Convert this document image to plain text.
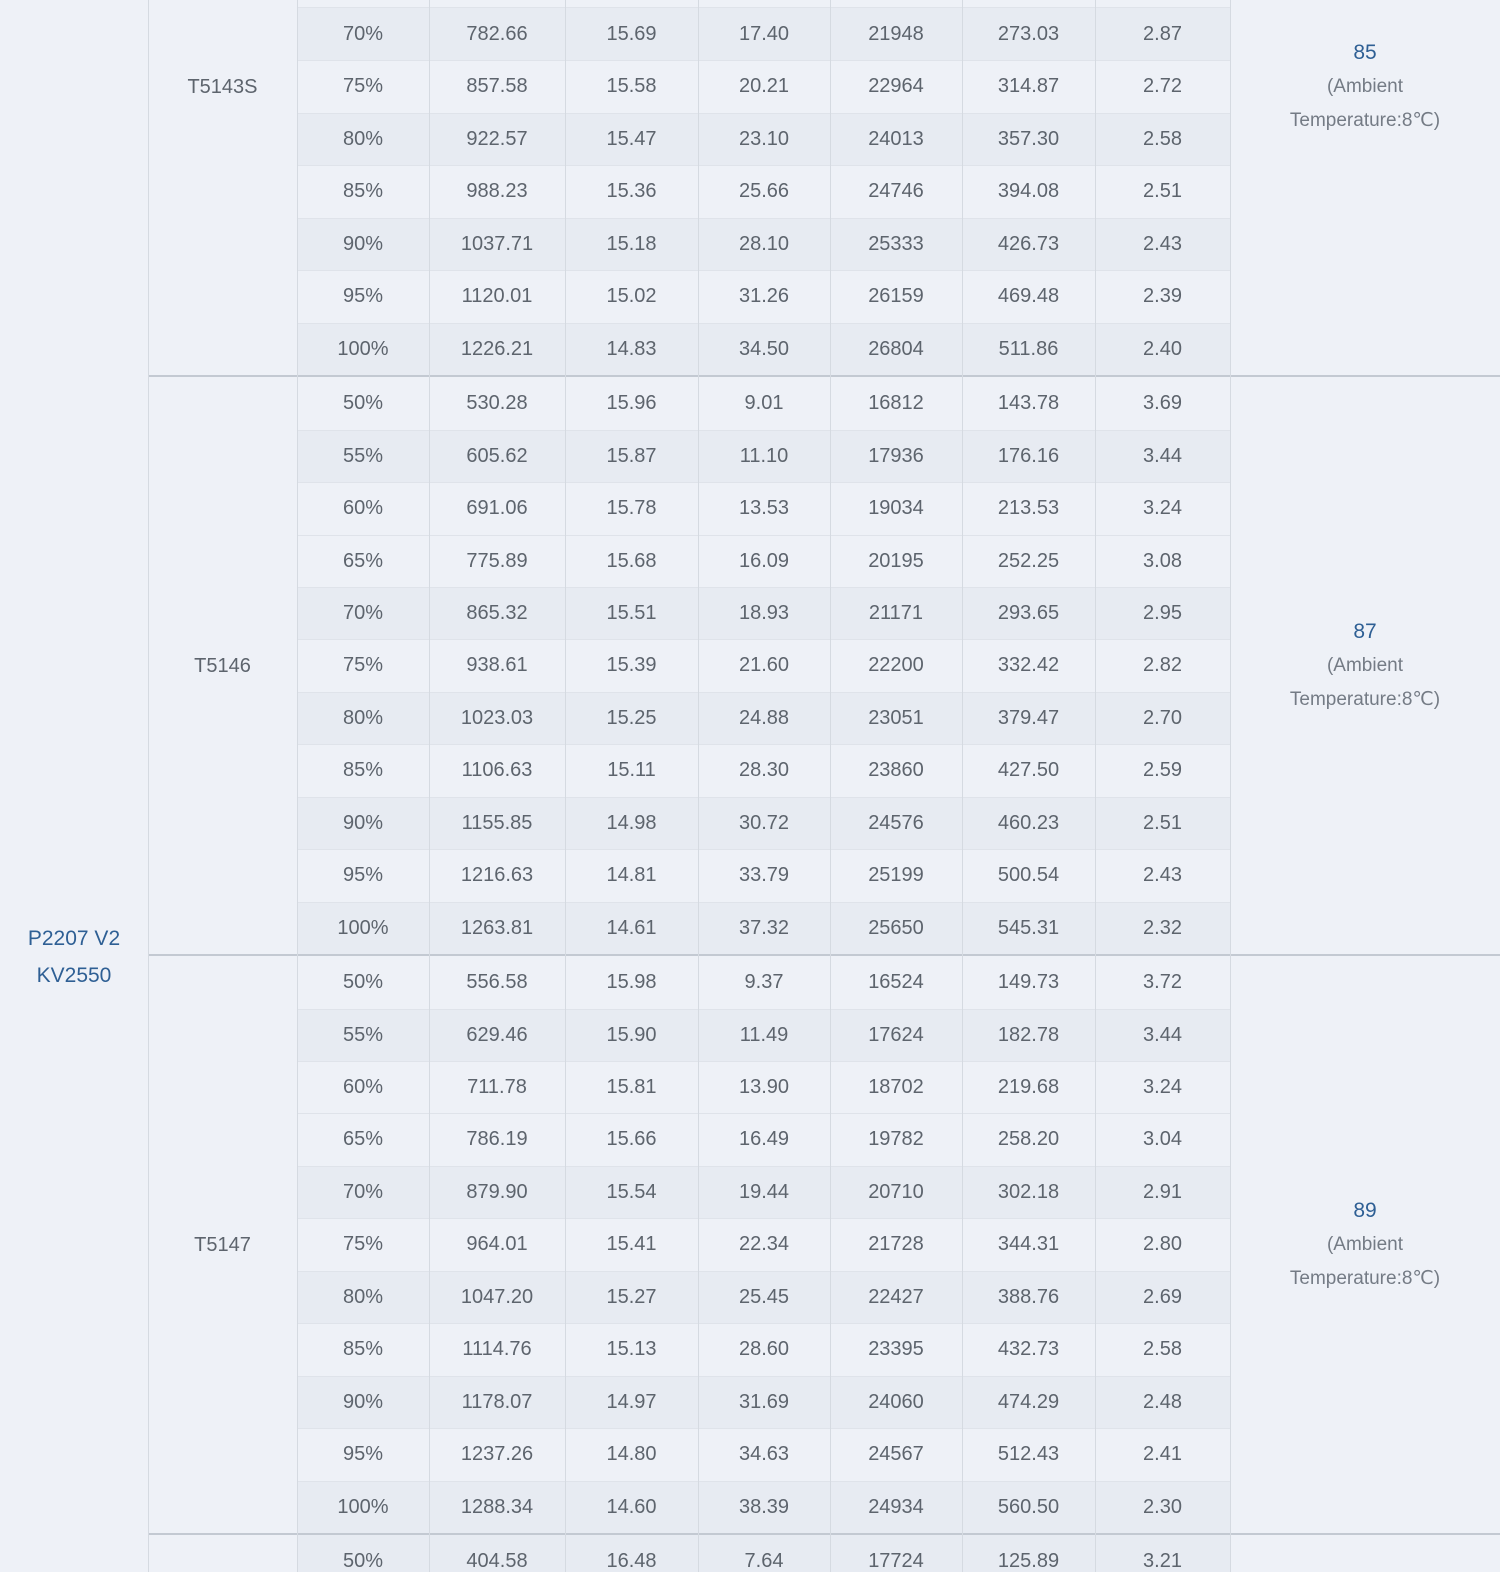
P2207 V2
KV2550
70%	782.66	15.69	17.40	21948	273.03	2.87
75%	857.58	15.58	20.21	22964	314.87	2.72
80%	922.57	15.47	23.10	24013	357.30	2.58
85%	988.23	15.36	25.66	24746	394.08	2.51
90%	1037.71	15.18	28.10	25333	426.73	2.43
95%	1120.01	15.02	31.26	26159	469.48	2.39
100%	1226.21	14.83	34.50	26804	511.86	2.40
T5143S
85
(Ambient
Temperature:8℃)
50%	530.28	15.96	9.01	16812	143.78	3.69
55%	605.62	15.87	11.10	17936	176.16	3.44
60%	691.06	15.78	13.53	19034	213.53	3.24
65%	775.89	15.68	16.09	20195	252.25	3.08
70%	865.32	15.51	18.93	21171	293.65	2.95
75%	938.61	15.39	21.60	22200	332.42	2.82
80%	1023.03	15.25	24.88	23051	379.47	2.70
85%	1106.63	15.11	28.30	23860	427.50	2.59
90%	1155.85	14.98	30.72	24576	460.23	2.51
95%	1216.63	14.81	33.79	25199	500.54	2.43
100%	1263.81	14.61	37.32	25650	545.31	2.32
T5146
87
(Ambient
Temperature:8℃)
50%	556.58	15.98	9.37	16524	149.73	3.72
55%	629.46	15.90	11.49	17624	182.78	3.44
60%	711.78	15.81	13.90	18702	219.68	3.24
65%	786.19	15.66	16.49	19782	258.20	3.04
70%	879.90	15.54	19.44	20710	302.18	2.91
75%	964.01	15.41	22.34	21728	344.31	2.80
80%	1047.20	15.27	25.45	22427	388.76	2.69
85%	1114.76	15.13	28.60	23395	432.73	2.58
90%	1178.07	14.97	31.69	24060	474.29	2.48
95%	1237.26	14.80	34.63	24567	512.43	2.41
100%	1288.34	14.60	38.39	24934	560.50	2.30
T5147
89
(Ambient
Temperature:8℃)
50%	404.58	16.48	7.64	17724	125.89	3.21
